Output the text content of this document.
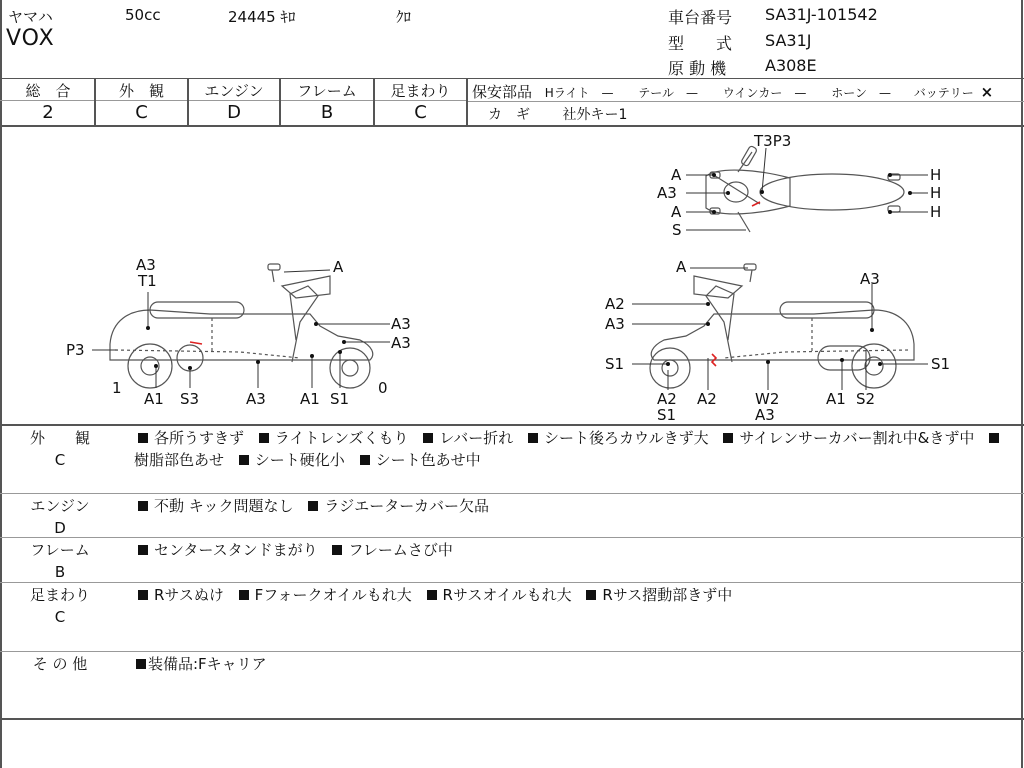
ヤマハ	50cc	24445 ｷﾛ	ｸﾛ
VOX
車台番号 SA31J-101542
型　　式 SA31J
原 動 機 A308E
総　合
2
外　観
C
エンジン
D
フレーム
B
足まわり
C
保安部品 Hライト　— テール　— ウインカー　— ホーン　— バッテリー ×
カ　ギ 社外キー1
A3
T1
A
P3
A3
A3
1	0
A1 S3	A3 A1 S1
A
A3
A2
A3
S1	S1
A2
S1
A2	W2
A3
A1 S2
T3P3
A
A3
A
S
H
H
H
外　　観
C
各所うすきず ライトレンズくもり レバー折れ シート後ろカウルきず大 サイレンサーカバー割れ中&きず中 樹脂部色あせ シート硬化小 シート色あせ中
エンジン
D
不動 キック問題なし ラジエーターカバー欠品
フレーム
B
センタースタンドまがり フレームさび中
足まわり
C
Rサスぬけ Fフォークオイルもれ大 Rサスオイルもれ大 Rサス摺動部きず中
そ の 他	装備品:Fキャリア
